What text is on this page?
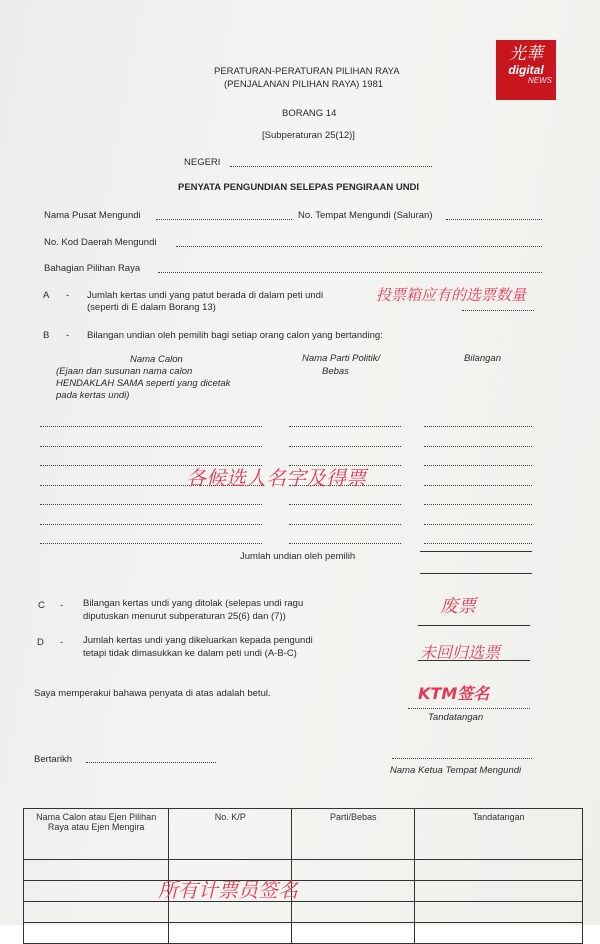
光華
digital
NEWS
PERATURAN-PERATURAN PILIHAN RAYA
(PENJALANAN PILIHAN RAYA) 1981
BORANG 14
[Subperaturan 25(12)]
NEGERI
PENYATA PENGUNDIAN SELEPAS PENGIRAAN UNDI
Nama Pusat Mengundi	No. Tempat Mengundi (Saluran)
No. Kod Daerah Mengundi
Bahagian Pilihan Raya
A - Jumlah kertas undi yang patut berada di dalam peti undi
(seperti di E dalam Borang 13)
投票箱应有的选票数量
B - Bilangan undian oleh pemilih bagi setiap orang calon yang bertanding:
Nama Calon
(Ejaan dan susunan nama calon
HENDAKLAH SAMA seperti yang dicetak
pada kertas undi)
Nama Parti Politik/
Bebas
Bilangan
各候选人名字及得票
Jumlah undian oleh pemilih
C - Bilangan kertas undi yang ditolak (selepas undi ragu
diputuskan menurut subperaturan 25(6) dan (7))	废票
D - Jumlah kertas undi yang dikeluarkan kepada pengundi
tetapi tidak dimasukkan ke dalam peti undi (A-B-C)	未回归选票
Saya memperakui bahawa penyata di atas adalah betul.
Tandatangan
KTM签名
Bertarikh
Nama Ketua Tempat Mengundi
Nama Calon atau Ejen Pilihan Raya atau Ejen Mengira	No. K/P	Parti/Bebas	Tandatangan

所有计票员签名
